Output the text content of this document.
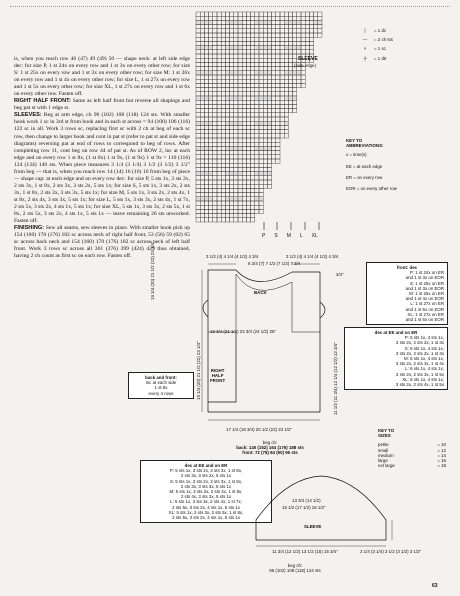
is, when you reach row 46 (47) 49 (49) 50 — shape neck: at left side edge dec: for size P, 1 st 24x on every row and 1 st 3x on every other row; for size S: 1 st 25x on every row and 1 st 3x on every other row; for size M: 1 st 26x on every row and 1 st 4x on every other row; for size L, 1 st 27x on every row and 1 st 5x on every other row; for size XL, 1 st 27x on every row and 1 st 6x on every other row. Fasten off.

RIGHT HALF FRONT: Same as left half front but reverse all shapings and beg pat st with 1 edge st.

SLEEVES: Beg at arm edge, ch 96 (102) 108 (118) 124 sts. With smaller hook work 1 sc in 3rd st from hook and in each st across = 94 (100) 106 (116) 122 sc in all. Work 3 rows sc, replacing first sc with 2 ch at beg of each sc row, then change to larger hook and cont in pat st (refer to pat st and side edge diagrams) reversing pat at end of rows to correspond to beg of rows. After completing row 11, cont beg on row 44 of pat st. As of ROW 2, inc at each edge and on every row 1 st 8x, (1 st 8x) 1 st 9x, (1 st 9x) 1 st 9x = 110 (116) 124 (134) 140 sts. When piece measures 3 1/4 (3 1/4) 3 1/2 (3 1/2) 3 1/2" from beg — that is, when you reach row 14 (14) 16 (16) 16 from beg of piece — shape cap: at each edge and on every row dec: for size P, 5 sts 1x, 3 sts 2x, 2 sts 3x, 1 st 8x, 2 sts 3x, 3 sts 2x, 5 sts 1x; for size S, 5 sts 1x, 3 sts 2x, 2 sts 3x, 1 st 8x, 2 sts 3x, 3 sts 3x, 5 sts 1x; for size M, 5 sts 1x, 3 sts 2x, 2 sts 4x, 1 st 8x, 2 sts 4x, 3 sts 3x, 5 sts 1x; for size L, 5 sts 1x, 3 sts 3x, 2 sts 4x, 1 st 7x, 2 sts 5x, 3 sts 2x, 4 sts 1x, 5 sts 1x; for size XL, 5 sts 1x, 3 sts 3x, 2 sts 5x, 1 st 8x, 2 sts 5x, 3 sts 2x, 4 sts 1x, 5 sts 1x — leave remaining 26 sts unworked. Fasten off.

FINISHING: Sew all seams, sew sleeves in place. With smaller hook pick up 154 (160) 170 (176) 182 sc across neck of right half front, 53 (56) 59 (62) 65 sc across back neck and 154 (160) 170 (176) 182 sc across neck of left half front. Work 3 rows sc across all 361 (376) 399 (424) 429 thus obtained, having 2 ch count as first sc on each row. Fasten off.

SLEEVE
(side edge)
P S M L XL
|	= 1 dc
—	= 2 ch sts
×	= 1 sc
┼	= 1 dtr
KEY TO
ABBREVIATIONS:
x = time(s)
EE = at each edge
ER = on every row
EOR = on every other row
front: dec
P: 1 st 24x on ER
and 1 st 3x on EOR
S: 1 st 25x on ER
and 1 st 3x on EOR
M: 1 st 26x on ER
and 1 st 4x on EOR
L: 1 st 27x on ER
and 1 st 5x on EOR
XL: 1 st 27x on ER
and 1 st 6x on EOR
dec at EE and on ER
P: 5 sts 1x, 4 sts 1x,
3 sts 2x, 2 sts 2x, 1 st 3x
S: 6 sts 1x, 4 sts 1x,
3 sts 2x, 2 sts 2x, 1 st 3x
M: 6 sts 1x, 4 sts 1x,
3 sts 2x, 2 sts 3x, 1 st 4x
L: 6 sts 1x, 4 sts 1x,
3 sts 2x, 2 sts 3x, 1 st 5x
XL: 6 sts 1x, 4 sts 1x,
3 sts 2x, 2 sts 4x, 1 st 5x
3 1/2 (4) 4 1/4 (4 1/2) 4 3/4
6 3/4 (7) 7 1/2 (7 1/2) 7 3/4
3 1/2 (4) 4 1/4 (4 1/2) 4 3/4
3/4"
BACK
19 3/4 (21 1/4) 22 3/4 (24 1/2) 26"
19 1/4 (20) 21 1/2 (22) 23 1/4"
RIGHT
HALF
FRONT
19 1/4 (20) 21 1/2 (22) 23 1/4"
17 1/4 (18 3/4) 20 1/2 (22) 23 1/2"
11 1/2 (11 3/4) 12 1/4 (12 1/2) 12 3/4"
back and front:
inc at each side
1 st 8x
every 4 rows
beg ch:
back: 140 (152) 164 (176) 188 sts
front: 72 (78) 84 (90) 96 sts
KEY TO
SIZES
petite	= 10
small	= 12
medium	= 14
large	= 16
ext large	= 18
dec at EE and on ER
P: 5 sts 1x, 3 sts 2x, 2 sts 3x, 1 st 8x,
2 sts 3x, 3 sts 2x, 5 sts 1x
S: 5 sts 1x, 3 sts 2x, 2 sts 3x, 1 st 8x,
2 sts 3x, 3 sts 3x, 5 sts 1x
M: 5 sts 1x, 3 sts 2x, 2 sts 4x, 1 st 8x,
2 sts 4x, 3 sts 3x, 5 sts 1x
L: 5 sts 1x, 3 sts 3x, 2 sts 4x, 1 st 7x,
2 sts 5x, 3 sts 2x, 4 sts 1x, 5 sts 1x
XL: 5 sts 1x, 3 sts 3x, 2 sts 5x, 1 st 8x,
2 sts 5x, 3 sts 2x, 4 sts 1x, 5 sts 1x
13 3/4 (14 1/2)
15 1/2 (17 1/2) 18 1/2"
SLEEVE
11 3/4 (12 1/2) 13 1/2 (15) 15 3/4"	3 1/4 (3 1/4) 3 1/2 (3 1/2) 3 1/2"
beg ch:
96 (102) 108 (118) 124 sts
63
